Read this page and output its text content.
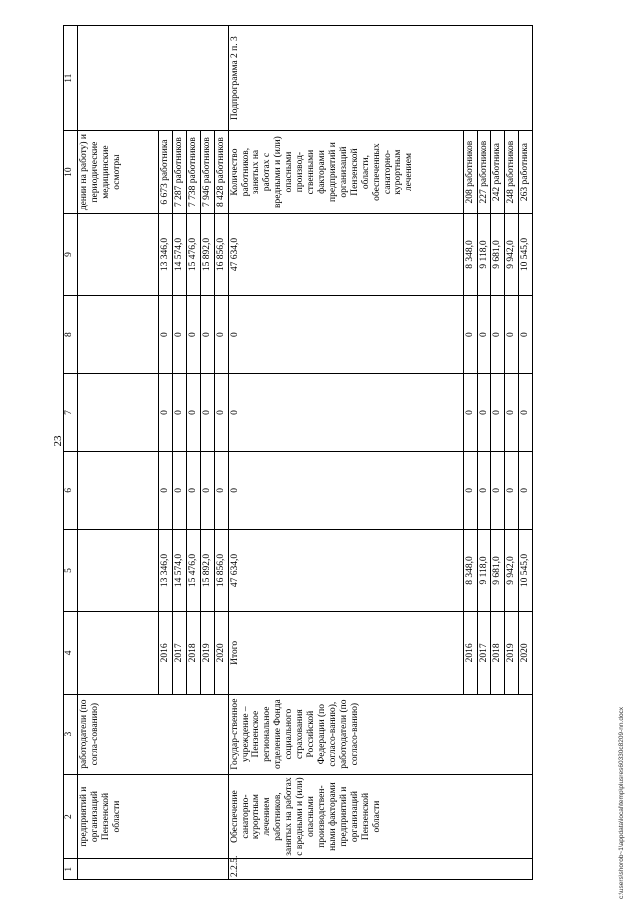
23
c:\users\shorob~1\appdata\local\temp\plusres60330c8209-nn.docx
1	2	3	4	5	6	7	8	9	10	11
	предприятий и организаций Пензенской области	работодатели (по согла-сованию)							дении на работу) и периодические медицинские осмотры	
			2016	13 346,0	0	0	0	13 346,0	6 673 работника	
			2017	14 574,0	0	0	0	14 574,0	7 287 работников	
			2018	15 476,0	0	0	0	15 476,0	7 738 работников	
			2019	15 892,0	0	0	0	15 892,0	7 946 работников	
			2020	16 856,0	0	0	0	16 856,0	8 428 работников	
2.2.5.	Обеспечение санаторно-курортным лечением работников, занятых на работах с вредными и (или) опасными производствен-ными факторами предприятий и организаций Пензенской области	Государ-ственное учреждение – Пензенское региональное отделение Фонда социального страхования Российской Федерации (по согласо-ванию), работодатели (по согласо-ванию)	Итого	47 634,0	0	0	0	47 634,0	Количество работников, занятых на работах с вредными и (или) опасными производ-ственными факторами предприятий и организаций Пензенской области, обеспеченных санаторно-курортным лечением	Подпрограмма 2 п. 3
			2016	8 348,0	0	0	0	8 348,0	208 работников	
			2017	9 118,0	0	0	0	9 118,0	227 работников	
			2018	9 681,0	0	0	0	9 681,0	242 работника	
			2019	9 942,0	0	0	0	9 942,0	248 работников	
			2020	10 545,0	0	0	0	10 545,0	263 работника	
